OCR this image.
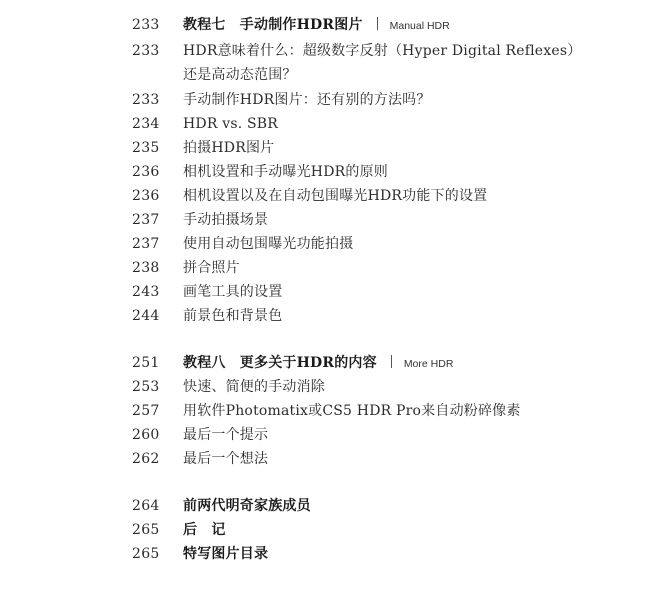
233 教程七　手动制作HDR图片	Manual HDR
233 HDR意味着什么：超级数字反射（Hyper Digital Reflexes）
还是高动态范围？
233 手动制作HDR图片：还有别的方法吗？
234 HDR vs. SBR
235 拍摄HDR图片
236 相机设置和手动曝光HDR的原则
236 相机设置以及在自动包围曝光HDR功能下的设置
237 手动拍摄场景
237 使用自动包围曝光功能拍摄
238 拼合照片
243 画笔工具的设置
244 前景色和背景色
251 教程八　更多关于HDR的内容	More HDR
253 快速、简便的手动消除
257 用软件Photomatix或CS5 HDR Pro来自动粉碎像素
260 最后一个提示
262 最后一个想法
264 前两代明奇家族成员
265 后　记
265 特写图片目录
